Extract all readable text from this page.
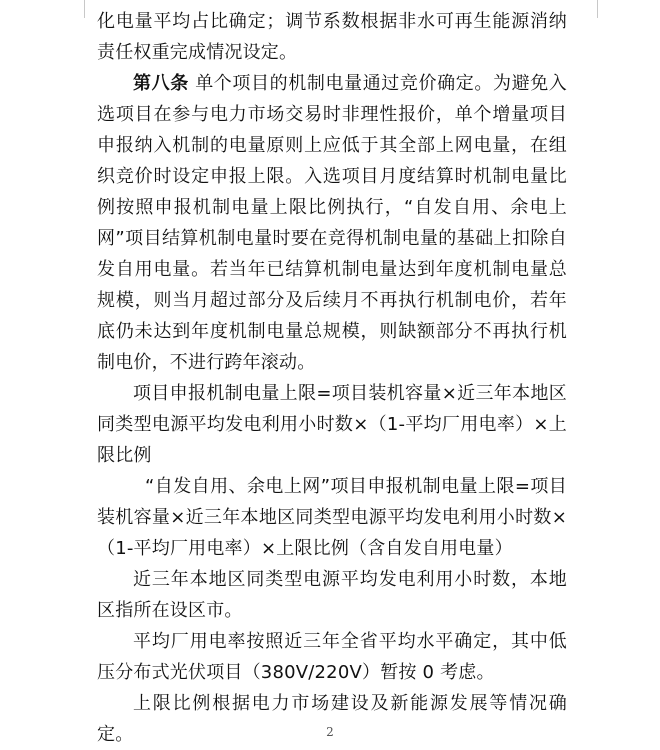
化电量平均占比确定；调节系数根据非水可再生能源消纳责任权重完成情况设定。

第八条 单个项目的机制电量通过竞价确定。为避免入选项目在参与电力市场交易时非理性报价，单个增量项目申报纳入机制的电量原则上应低于其全部上网电量，在组织竞价时设定申报上限。入选项目月度结算时机制电量比例按照申报机制电量上限比例执行，“自发自用、余电上网”项目结算机制电量时要在竞得机制电量的基础上扣除自发自用电量。若当年已结算机制电量达到年度机制电量总规模，则当月超过部分及后续月不再执行机制电价，若年底仍未达到年度机制电量总规模，则缺额部分不再执行机制电价，不进行跨年滚动。

项目申报机制电量上限=项目装机容量×近三年本地区同类型电源平均发电利用小时数×（1-平均厂用电率）×上限比例

“自发自用、余电上网”项目申报机制电量上限=项目装机容量×近三年本地区同类型电源平均发电利用小时数×（1-平均厂用电率）×上限比例（含自发自用电量）

近三年本地区同类型电源平均发电利用小时数，本地区指所在设区市。

平均厂用电率按照近三年全省平均水平确定，其中低压分布式光伏项目（380V/220V）暂按 0 考虑。

上限比例根据电力市场建设及新能源发展等情况确定。	2
